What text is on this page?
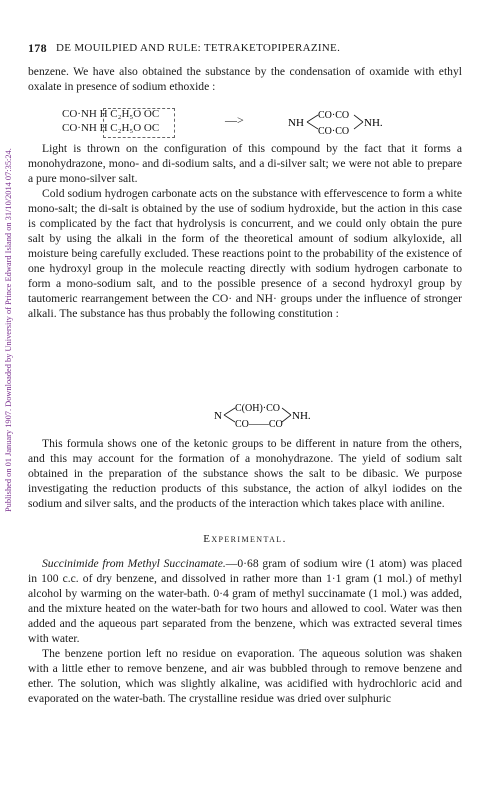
Published on 01 January 1907. Downloaded by University of Prince Edward Island on 31/10/2014 07:35:24.
178 DE MOUILPIED AND RULE: TETRAKETOPIPERAZINE.

benzene. We have also obtained the substance by the condensation of oxamide with ethyl oxalate in presence of sodium ethoxide :

CO·NH H C₂H₅O OC
CO·NH H C₂H₅O OC
—>	NH
CO·CO
CO·CO
NH.

Light is thrown on the configuration of this compound by the fact that it forms a monohydrazone, mono- and di-sodium salts, and a di-silver salt; we were not able to prepare a pure mono-silver salt.

Cold sodium hydrogen carbonate acts on the substance with effervescence to form a white mono-salt; the di-salt is obtained by the use of sodium hydroxide, but the action in this case is complicated by the fact that hydrolysis is concurrent, and we could only obtain the pure salt by using the alkali in the form of the theoretical amount of sodium alkyloxide, all moisture being carefully excluded. These reactions point to the probability of the existence of one hydroxyl group in the molecule reacting directly with sodium hydrogen carbonate to form a mono-sodium salt, and to the possible presence of a second hydroxyl group by tautomeric rearrangement between the CO· and NH· groups under the influence of stronger alkali. The substance has thus probably the following constitution :

N
C(OH)·CO
CO——CO
NH.

This formula shows one of the ketonic groups to be different in nature from the others, and this may account for the formation of a monohydrazone. The yield of sodium salt obtained in the preparation of the substance shows the salt to be dibasic. We purpose investigating the reduction products of this substance, the action of alkyl iodides on the sodium and silver salts, and the products of the interaction which takes place with aniline.

Experimental.

Succinimide from Methyl Succinamate.—0·68 gram of sodium wire (1 atom) was placed in 100 c.c. of dry benzene, and dissolved in rather more than 1·1 gram (1 mol.) of methyl alcohol by warming on the water-bath. 0·4 gram of methyl succinamate (1 mol.) was added, and the mixture heated on the water-bath for two hours and allowed to cool. Water was then added and the aqueous part separated from the benzene, which was extracted several times with water.

The benzene portion left no residue on evaporation. The aqueous solution was shaken with a little ether to remove benzene, and air was bubbled through to remove benzene and ether. The solution, which was slightly alkaline, was acidified with hydrochloric acid and evaporated on the water-bath. The crystalline residue was dried over sulphuric
